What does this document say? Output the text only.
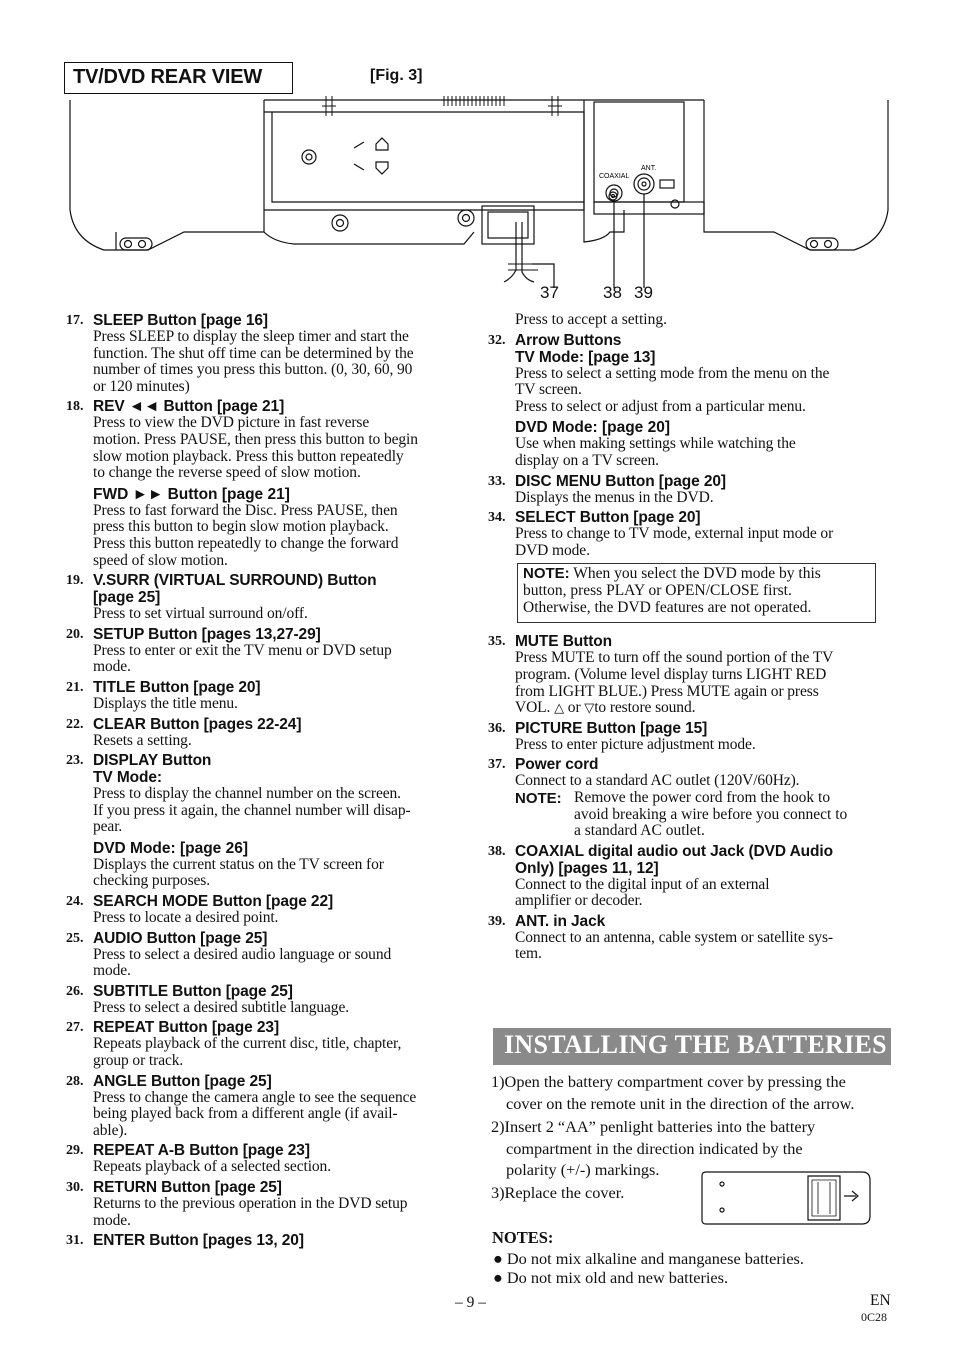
TV/DVD REAR VIEW	[Fig. 3]
COAXIAL
ANT.
37	38 39
17. SLEEP Button [page 16]
Press SLEEP to display the sleep timer and start the
function. The shut off time can be determined by the
number of times you press this button. (0, 30, 60, 90
or 120 minutes)
18. REV ◄◄ Button [page 21]
Press to view the DVD picture in fast reverse
motion. Press PAUSE, then press this button to begin
slow motion playback. Press this button repeatedly
to change the reverse speed of slow motion.
FWD ►► Button [page 21]
Press to fast forward the Disc. Press PAUSE, then
press this button to begin slow motion playback.
Press this button repeatedly to change the forward
speed of slow motion.
19. V.SURR (VIRTUAL SURROUND) Button
[page 25]
Press to set virtual surround on/off.
20. SETUP Button [pages 13,27-29]
Press to enter or exit the TV menu or DVD setup
mode.
21. TITLE Button [page 20]
Displays the title menu.
22. CLEAR Button [pages 22-24]
Resets a setting.
23. DISPLAY Button
TV Mode:
Press to display the channel number on the screen.
If you press it again, the channel number will disap-
pear.
DVD Mode: [page 26]
Displays the current status on the TV screen for
checking purposes.
24. SEARCH MODE Button [page 22]
Press to locate a desired point.
25. AUDIO Button [page 25]
Press to select a desired audio language or sound
mode.
26. SUBTITLE Button [page 25]
Press to select a desired subtitle language.
27. REPEAT Button [page 23]
Repeats playback of the current disc, title, chapter,
group or track.
28. ANGLE Button [page 25]
Press to change the camera angle to see the sequence
being played back from a different angle (if avail-
able).
29. REPEAT A-B Button [page 23]
Repeats playback of a selected section.
30. RETURN Button [page 25]
Returns to the previous operation in the DVD setup
mode.
31. ENTER Button [pages 13, 20]
Press to accept a setting.
32. Arrow Buttons
TV Mode: [page 13]
Press to select a setting mode from the menu on the
TV screen.
Press to select or adjust from a particular menu.
DVD Mode: [page 20]
Use when making settings while watching the
display on a TV screen.
33. DISC MENU Button [page 20]
Displays the menus in the DVD.
34. SELECT Button [page 20]
Press to change to TV mode, external input mode or
DVD mode.
NOTE: When you select the DVD mode by this
button, press PLAY or OPEN/CLOSE first.
Otherwise, the DVD features are not operated.
35. MUTE Button
Press MUTE to turn off the sound portion of the TV
program. (Volume level display turns LIGHT RED
from LIGHT BLUE.) Press MUTE again or press
VOL. △ or ▽to restore sound.
36. PICTURE Button [page 15]
Press to enter picture adjustment mode.
37. Power cord
Connect to a standard AC outlet (120V/60Hz).
NOTE: Remove the power cord from the hook to
avoid breaking a wire before you connect to
a standard AC outlet.
38. COAXIAL digital audio out Jack (DVD Audio
Only) [pages 11, 12]
Connect to the digital input of an external
amplifier or decoder.
39. ANT. in Jack
Connect to an antenna, cable system or satellite sys-
tem.
INSTALLING THE BATTERIES
1)Open the battery compartment cover by pressing the
cover on the remote unit in the direction of the arrow.
2)Insert 2 “AA” penlight batteries into the battery
compartment in the direction indicated by the
polarity (+/-) markings.
3)Replace the cover.
NOTES:
● Do not mix alkaline and manganese batteries.
● Do not mix old and new batteries.
– 9 –	EN
0C28
